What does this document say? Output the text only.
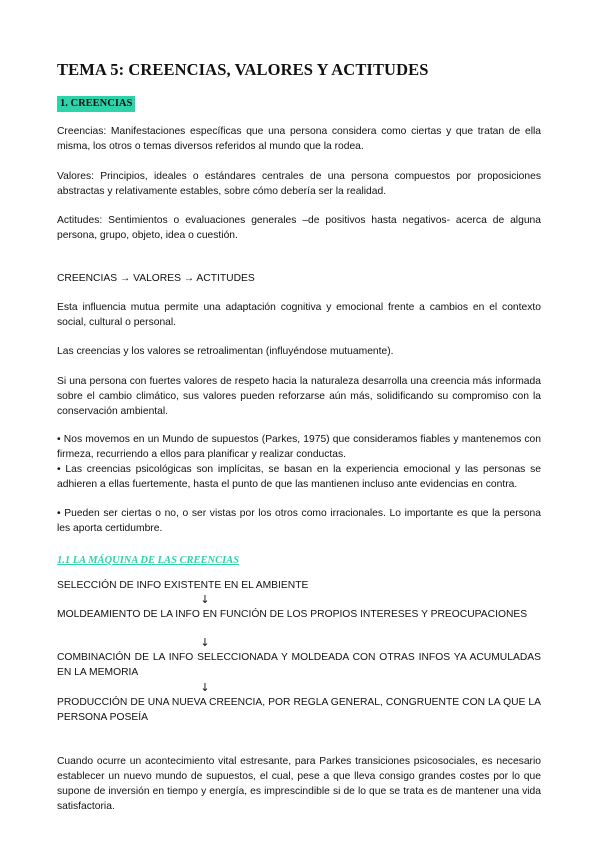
TEMA 5: CREENCIAS, VALORES Y ACTITUDES
1. CREENCIAS

Creencias: Manifestaciones específicas que una persona considera como ciertas y que tratan de ella misma, los otros o temas diversos referidos al mundo que la rodea.

Valores: Principios, ideales o estándares centrales de una persona compuestos por proposiciones abstractas y relativamente estables, sobre cómo debería ser la realidad.

Actitudes: Sentimientos o evaluaciones generales –de positivos hasta negativos- acerca de alguna persona, grupo, objeto, idea o cuestión.

CREENCIAS → VALORES → ACTITUDES

Esta influencia mutua permite una adaptación cognitiva y emocional frente a cambios en el contexto social, cultural o personal.

Las creencias y los valores se retroalimentan (influyéndose mutuamente).

Si una persona con fuertes valores de respeto hacia la naturaleza desarrolla una creencia más informada sobre el cambio climático, sus valores pueden reforzarse aún más, solidificando su compromiso con la conservación ambiental.

• Nos movemos en un Mundo de supuestos (Parkes, 1975) que consideramos fiables y mantenemos con firmeza, recurriendo a ellos para planificar y realizar conductas.

• Las creencias psicológicas son implícitas, se basan en la experiencia emocional y las personas se adhieren a ellas fuertemente, hasta el punto de que las mantienen incluso ante evidencias en contra.

• Pueden ser ciertas o no, o ser vistas por los otros como irracionales. Lo importante es que la persona les aporta certidumbre.

1.1 LA MÁQUINA DE LAS CREENCIAS

SELECCIÓN DE INFO EXISTENTE EN EL AMBIENTE

↓

MOLDEAMIENTO DE LA INFO EN FUNCIÓN DE LOS PROPIOS INTERESES Y PREOCUPACIONES

↓

COMBINACIÓN DE LA INFO SELECCIONADA Y MOLDEADA CON OTRAS INFOS YA ACUMULADAS EN LA MEMORIA

↓

PRODUCCIÓN DE UNA NUEVA CREENCIA, POR REGLA GENERAL, CONGRUENTE CON LA QUE LA PERSONA POSEÍA

Cuando ocurre un acontecimiento vital estresante, para Parkes transiciones psicosociales, es necesario establecer un nuevo mundo de supuestos, el cual, pese a que lleva consigo grandes costes por lo que supone de inversión en tiempo y energía, es imprescindible si de lo que se trata es de mantener una vida satisfactoria.
